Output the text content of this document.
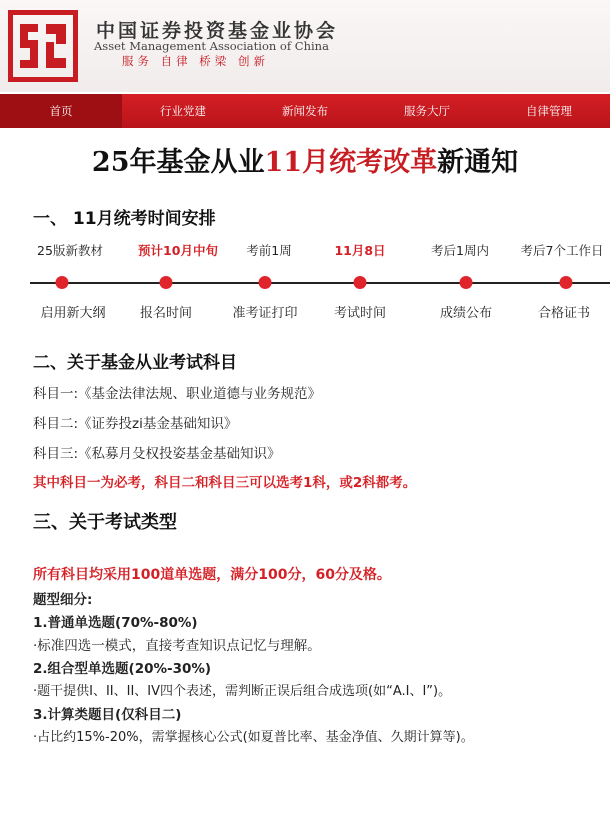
中国证券投资基金业协会
Asset Management Association of China
服务 自律 桥梁 创新
首页	行业党建	新闻发布	服务大厅	自律管理
25年基金从业11月统考改革新通知
一、 11月统考时间安排
25版新教材
启用新大纲
预计10月中旬
报名时间
考前1周
准考证打印
11月8日
考试时间
考后1周内
成绩公布
考后7个工作日
合格证书
二、关于基金从业考试科目
科目一:《基金法律法规、职业道德与业务规范》
科目二:《证券投zi基金基础知识》
科目三:《私募月殳权投姿基金基础知识》
其中科目一为必考，科目二和科目三可以选考1科，或2科都考。
三、关于考试类型
所有科目均采用100道单选题，满分100分，60分及格。
题型细分:
1.普通单选题(70%-80%)
·标准四选一模式，直接考查知识点记忆与理解。
2.组合型单选题(20%-30%)
·题干提供I、II、II、IV四个表述，需判断正误后组合成选项(如“A.I、I”)。
3.计算类题目(仅科目二)
·占比约15%-20%，需掌握核心公式(如夏普比率、基金净值、久期计算等)。
